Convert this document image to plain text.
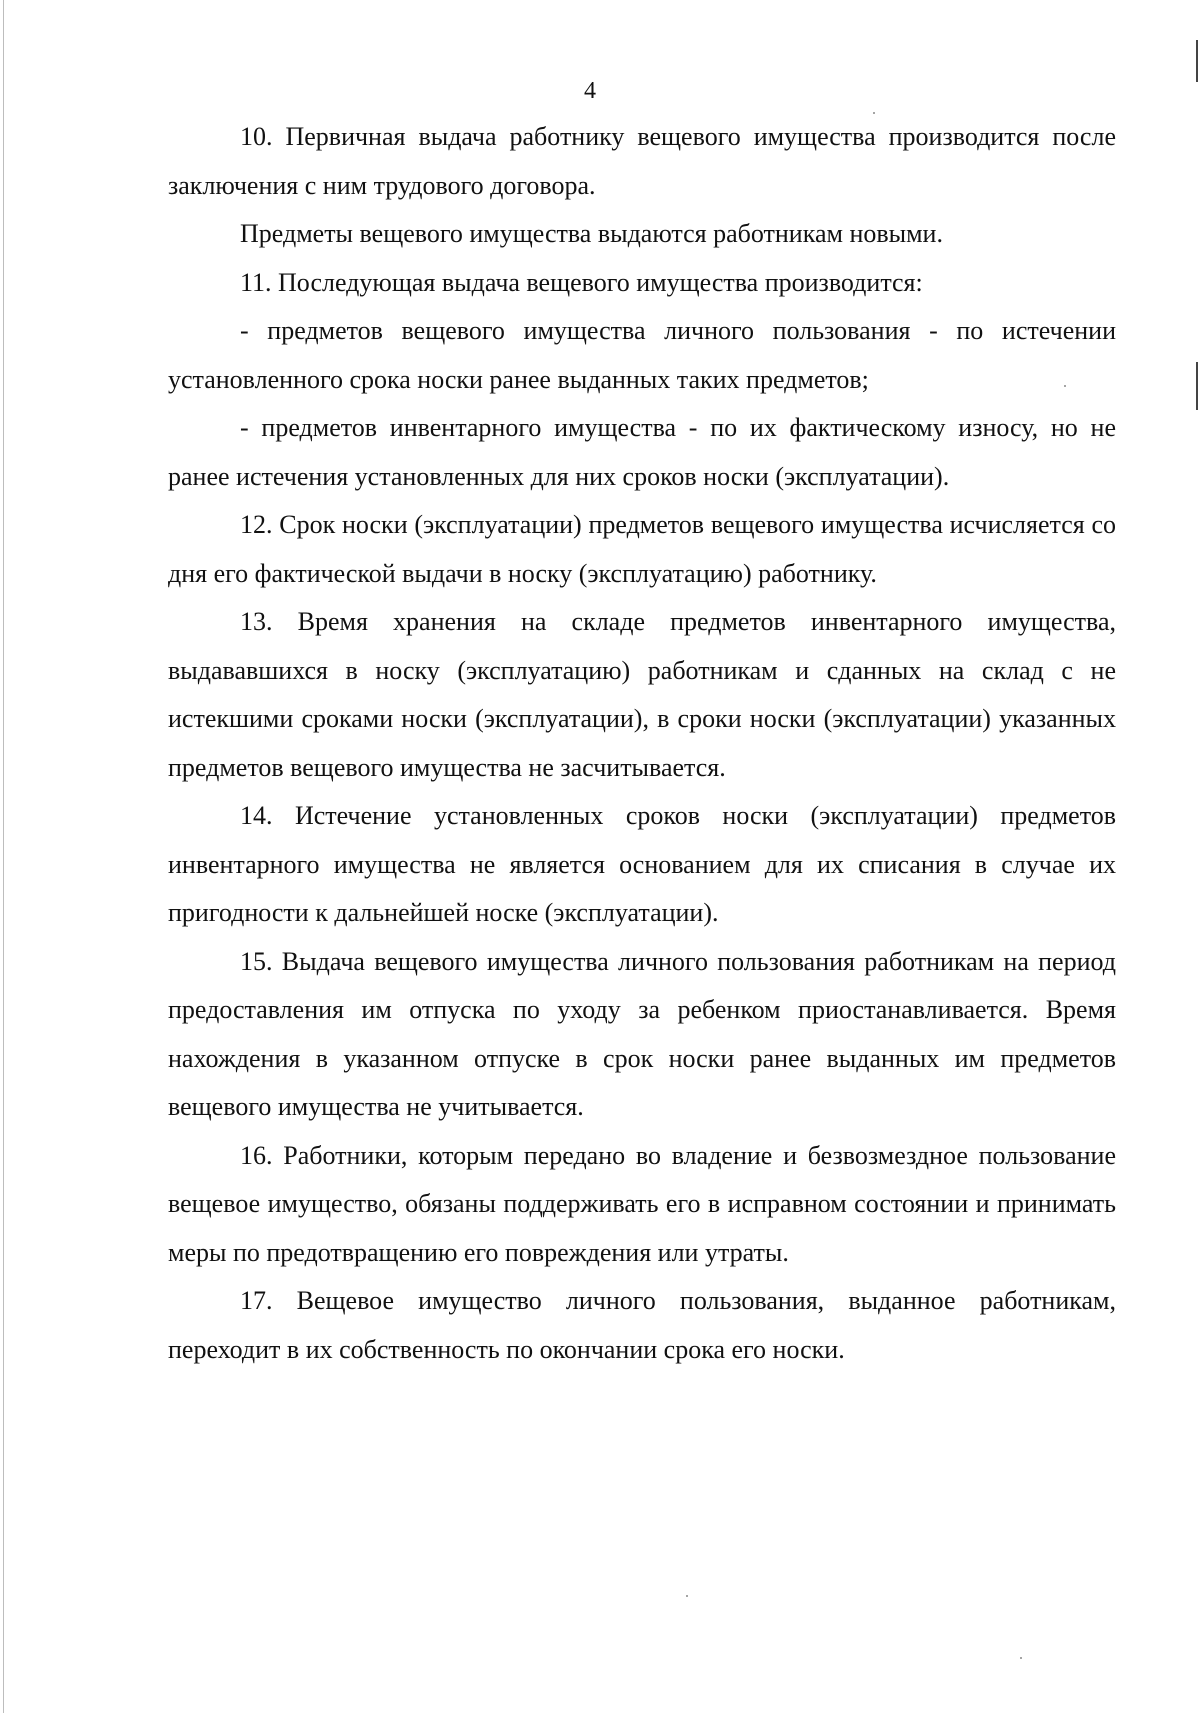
4

10. Первичная выдача работнику вещевого имущества производится после заключения с ним трудового договора.

Предметы вещевого имущества выдаются работникам новыми.

11. Последующая выдача вещевого имущества производится:

- предметов вещевого имущества личного пользования - по истечении установленного срока носки ранее выданных таких предметов;

- предметов инвентарного имущества - по их фактическому износу, но не ранее истечения установленных для них сроков носки (эксплуатации).

12. Срок носки (эксплуатации) предметов вещевого имущества исчисляется со дня его фактической выдачи в носку (эксплуатацию) работнику.

13. Время хранения на складе предметов инвентарного имущества, выдававшихся в носку (эксплуатацию) работникам и сданных на склад с не истекшими сроками носки (эксплуатации), в сроки носки (эксплуатации) указанных предметов вещевого имущества не засчитывается.

14. Истечение установленных сроков носки (эксплуатации) предметов инвентарного имущества не является основанием для их списания в случае их пригодности к дальнейшей носке (эксплуатации).

15. Выдача вещевого имущества личного пользования работникам на период предоставления им отпуска по уходу за ребенком приостанавливается. Время нахождения в указанном отпуске в срок носки ранее выданных им предметов вещевого имущества не учитывается.

16. Работники, которым передано во владение и безвозмездное пользование вещевое имущество, обязаны поддерживать его в исправном состоянии и принимать меры по предотвращению его повреждения или утраты.

17. Вещевое имущество личного пользования, выданное работникам, переходит в их собственность по окончании срока его носки.
